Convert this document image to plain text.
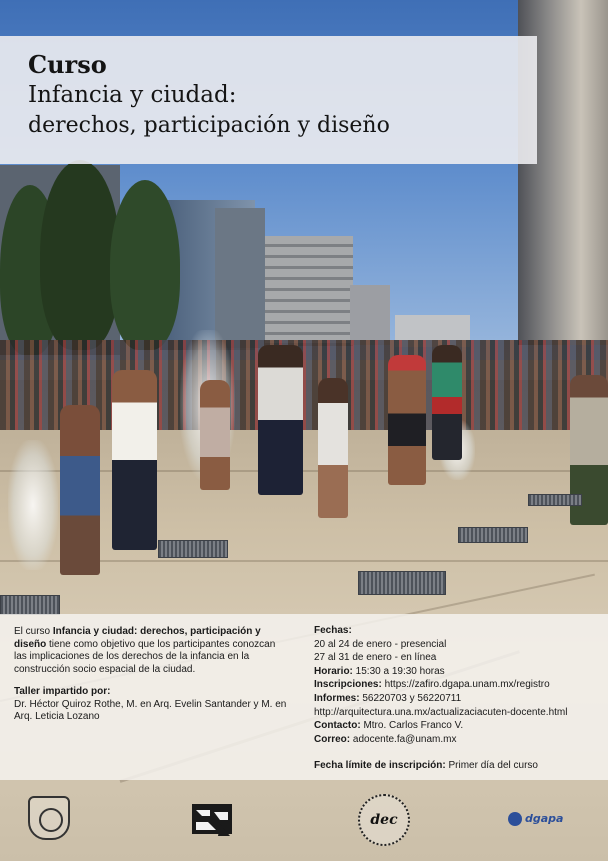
Curso
Infancia y ciudad:
derechos, participación y diseño

El curso Infancia y ciudad: derechos, participación y diseño tiene como objetivo que los participantes conozcan las implicaciones de los derechos de la infancia en la construcción socio espacial de la ciudad.

Taller impartido por:

Dr. Héctor Quiroz Rothe, M. en Arq. Evelin Santander y M. en Arq. Leticia Lozano

Fechas:

20 al 24 de enero - presencial

27 al 31 de enero - en línea

Horario: 15:30 a 19:30 horas

Inscripciones: https://zafiro.dgapa.unam.mx/registro

Informes: 56220703 y 56220711

http://arquitectura.una.mx/actualizaciacuten-docente.html

Contacto: Mtro. Carlos Franco V.

Correo: adocente.fa@unam.mx

Fecha límite de inscripción: Primer día del curso

dec	dgapa
